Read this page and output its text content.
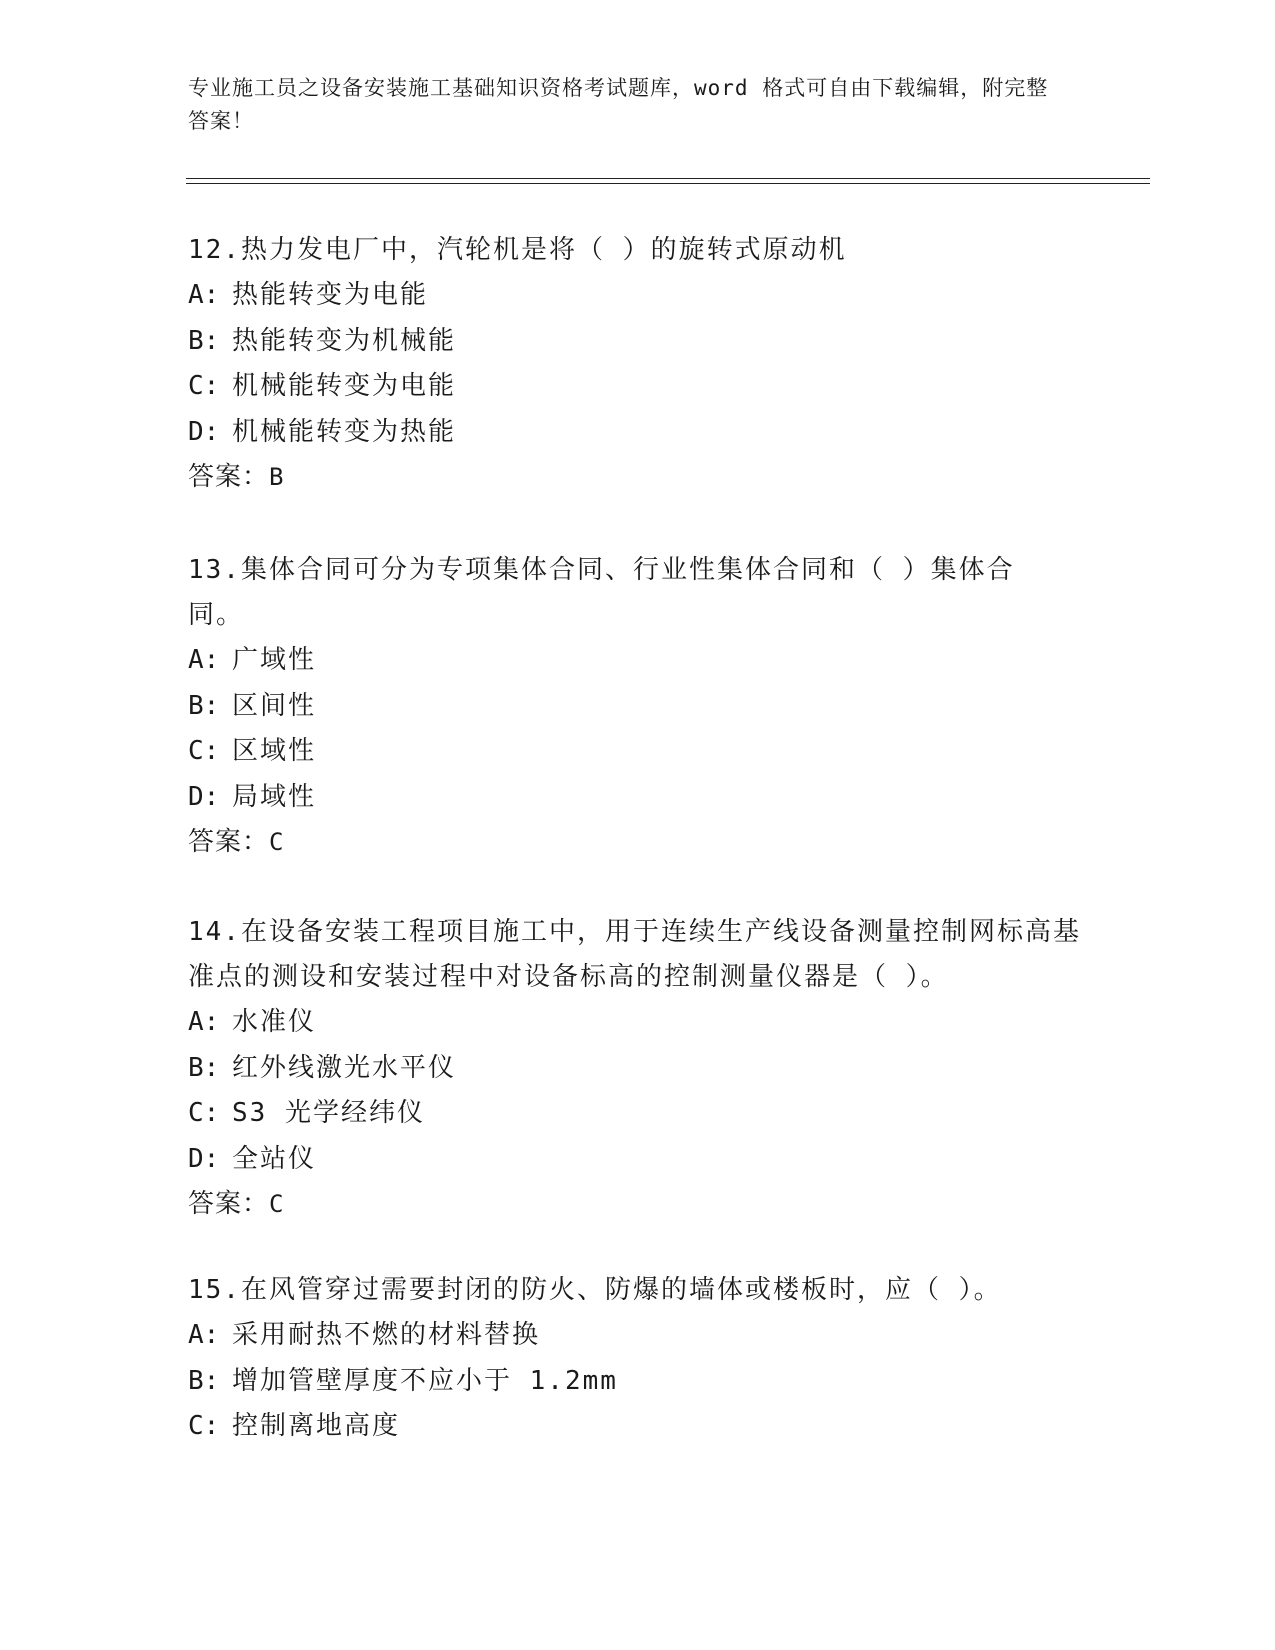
专业施工员之设备安装施工基础知识资格考试题库，word 格式可自由下载编辑，附完整答案！

12.热力发电厂中，汽轮机是将（ ）的旋转式原动机

A: 热能转变为电能

B: 热能转变为机械能

C: 机械能转变为电能

D: 机械能转变为热能

答案：B

13.集体合同可分为专项集体合同、行业性集体合同和（ ）集体合同。

A: 广域性

B: 区间性

C: 区域性

D: 局域性

答案：C

14.在设备安装工程项目施工中，用于连续生产线设备测量控制网标高基准点的测设和安装过程中对设备标高的控制测量仪器是（ ）。

A: 水准仪

B: 红外线激光水平仪

C: S3 光学经纬仪

D: 全站仪

答案：C

15.在风管穿过需要封闭的防火、防爆的墙体或楼板时，应（ ）。

A: 采用耐热不燃的材料替换

B: 增加管壁厚度不应小于 1.2mm

C: 控制离地高度
